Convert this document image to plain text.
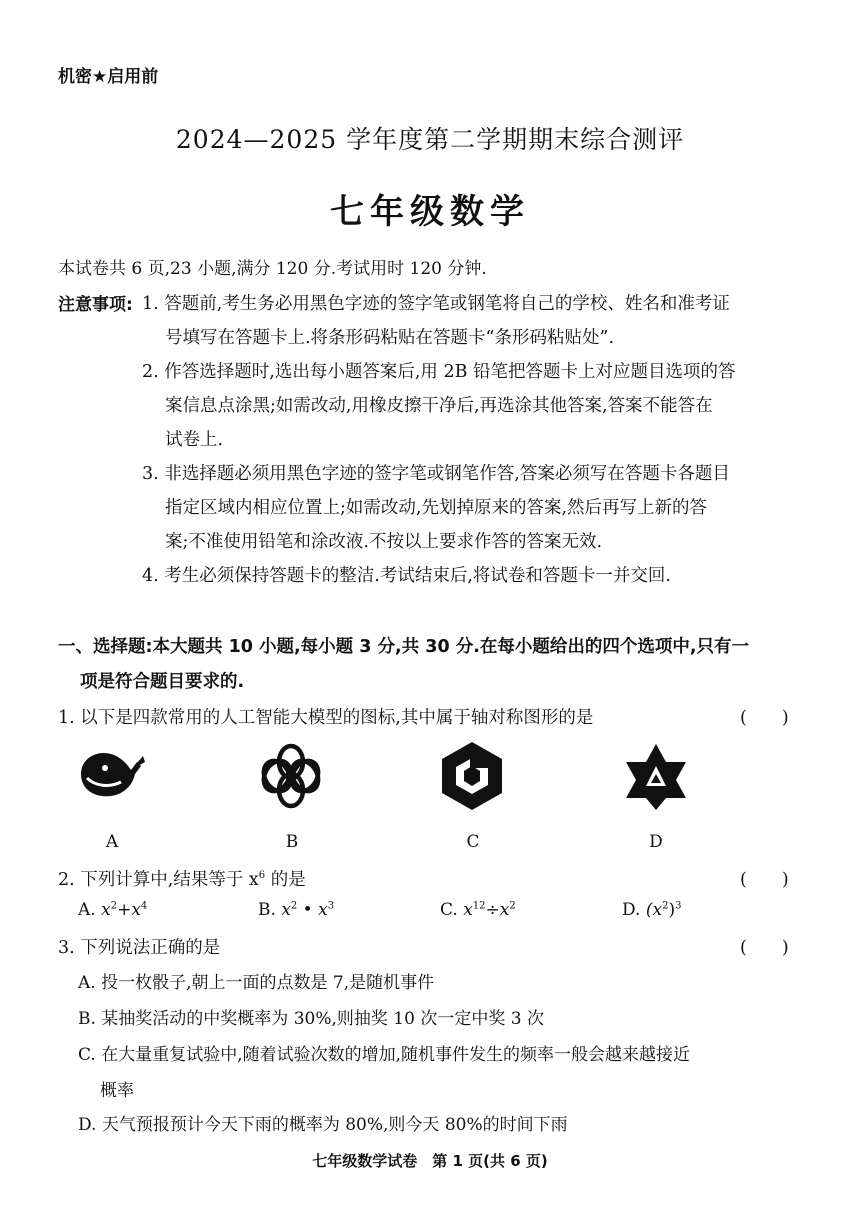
机密★启用前
2024—2025 学年度第二学期期末综合测评
七年级数学
本试卷共 6 页,23 小题,满分 120 分.考试用时 120 分钟.
注意事项: 1. 答题前,考生务必用黑色字迹的签字笔或钢笔将自己的学校、姓名和准考证
号填写在答题卡上.将条形码粘贴在答题卡“条形码粘贴处”.
2. 作答选择题时,选出每小题答案后,用 2B 铅笔把答题卡上对应题目选项的答
案信息点涂黑;如需改动,用橡皮擦干净后,再选涂其他答案,答案不能答在
试卷上.
3. 非选择题必须用黑色字迹的签字笔或钢笔作答,答案必须写在答题卡各题目
指定区域内相应位置上;如需改动,先划掉原来的答案,然后再写上新的答
案;不准使用铅笔和涂改液.不按以上要求作答的答案无效.
4. 考生必须保持答题卡的整洁.考试结束后,将试卷和答题卡一并交回.
一、选择题:本大题共 10 小题,每小题 3 分,共 30 分.在每小题给出的四个选项中,只有一
项是符合题目要求的.
1. 以下是四款常用的人工智能大模型的图标,其中属于轴对称图形的是	(　　)
A	B	C	D
2. 下列计算中,结果等于 $x^6$ 的是	(　　)
A. $x^2+x^4$	B. $x^2$ • $x^3$	C. $x^{12}\div x^2$	D. $(x^2)^3$
3. 下列说法正确的是	(　　)
A. 投一枚骰子,朝上一面的点数是 7,是随机事件
B. 某抽奖活动的中奖概率为 30%,则抽奖 10 次一定中奖 3 次
C. 在大量重复试验中,随着试验次数的增加,随机事件发生的频率一般会越来越接近
概率
D. 天气预报预计今天下雨的概率为 80%,则今天 80%的时间下雨
七年级数学试卷　第 1 页(共 6 页)
